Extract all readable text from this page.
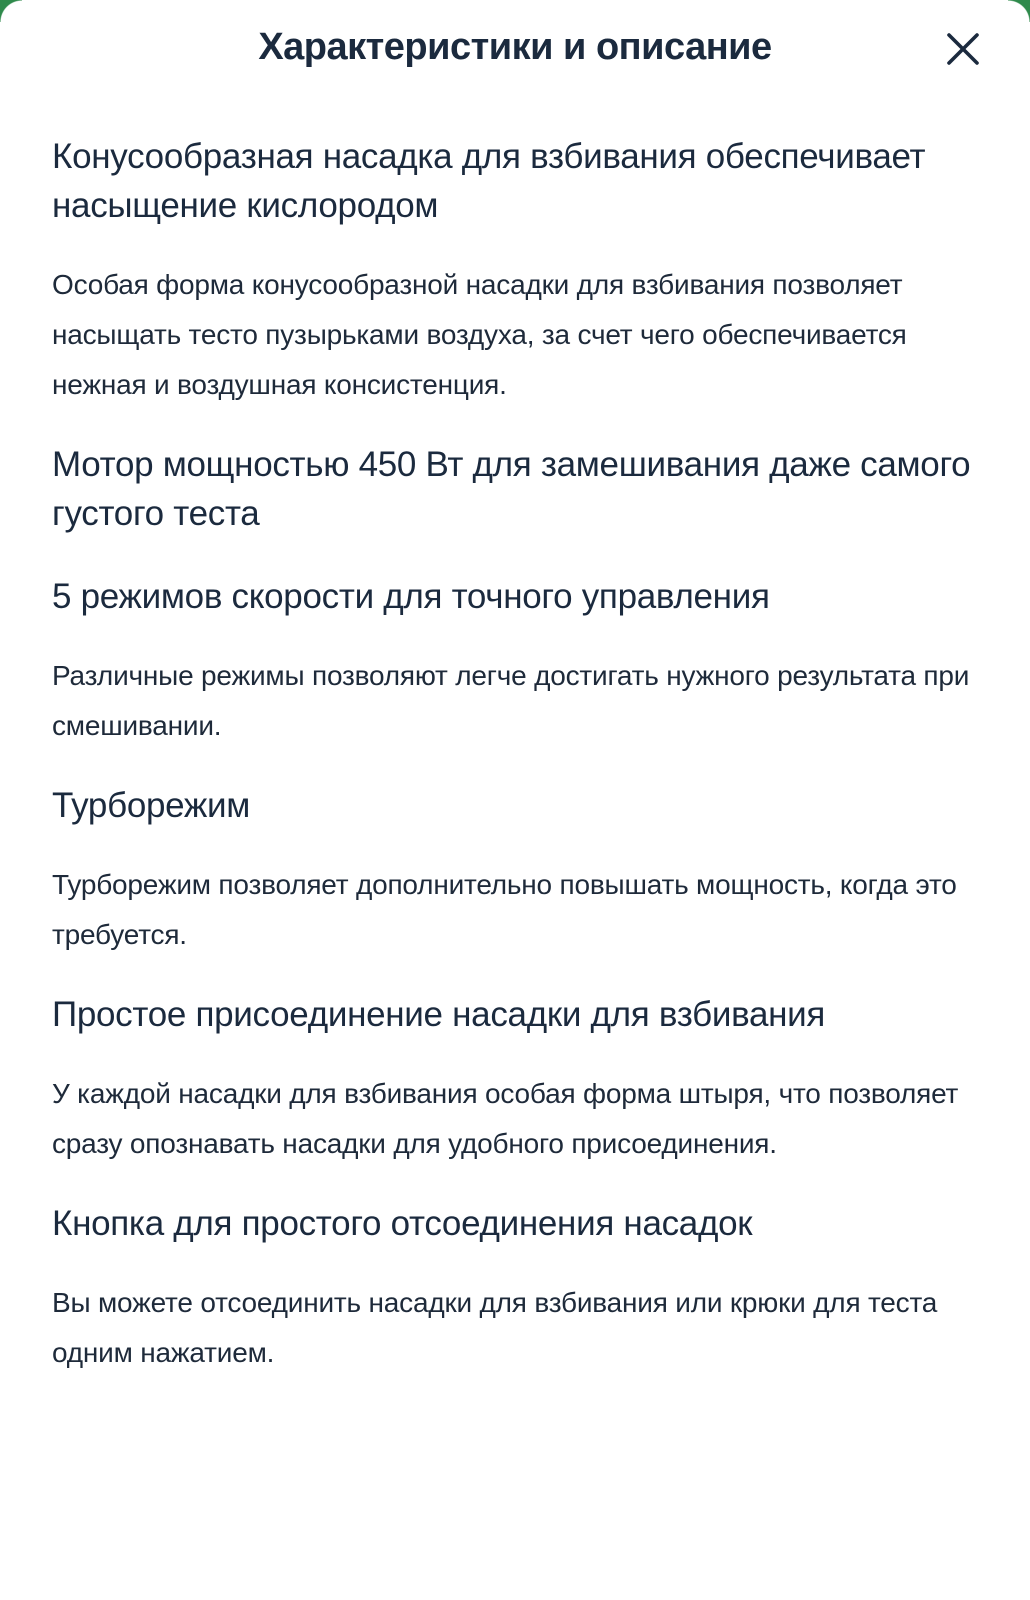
Характеристики и описание
Конусообразная насадка для взбивания обеспечивает насыщение кислородом

Особая форма конусообразной насадки для взбивания позволяет насыщать тесто пузырьками воздуха, за счет чего обеспечивается нежная и воздушная консистенция.

Мотор мощностью 450 Вт для замешивания даже самого густого теста
5 режимов скорости для точного управления

Различные режимы позволяют легче достигать нужного результата при смешивании.

Турборежим

Турборежим позволяет дополнительно повышать мощность, когда это требуется.

Простое присоединение насадки для взбивания

У каждой насадки для взбивания особая форма штыря, что позволяет сразу опознавать насадки для удобного присоединения.

Кнопка для простого отсоединения насадок

Вы можете отсоединить насадки для взбивания или крюки для теста одним нажатием.
